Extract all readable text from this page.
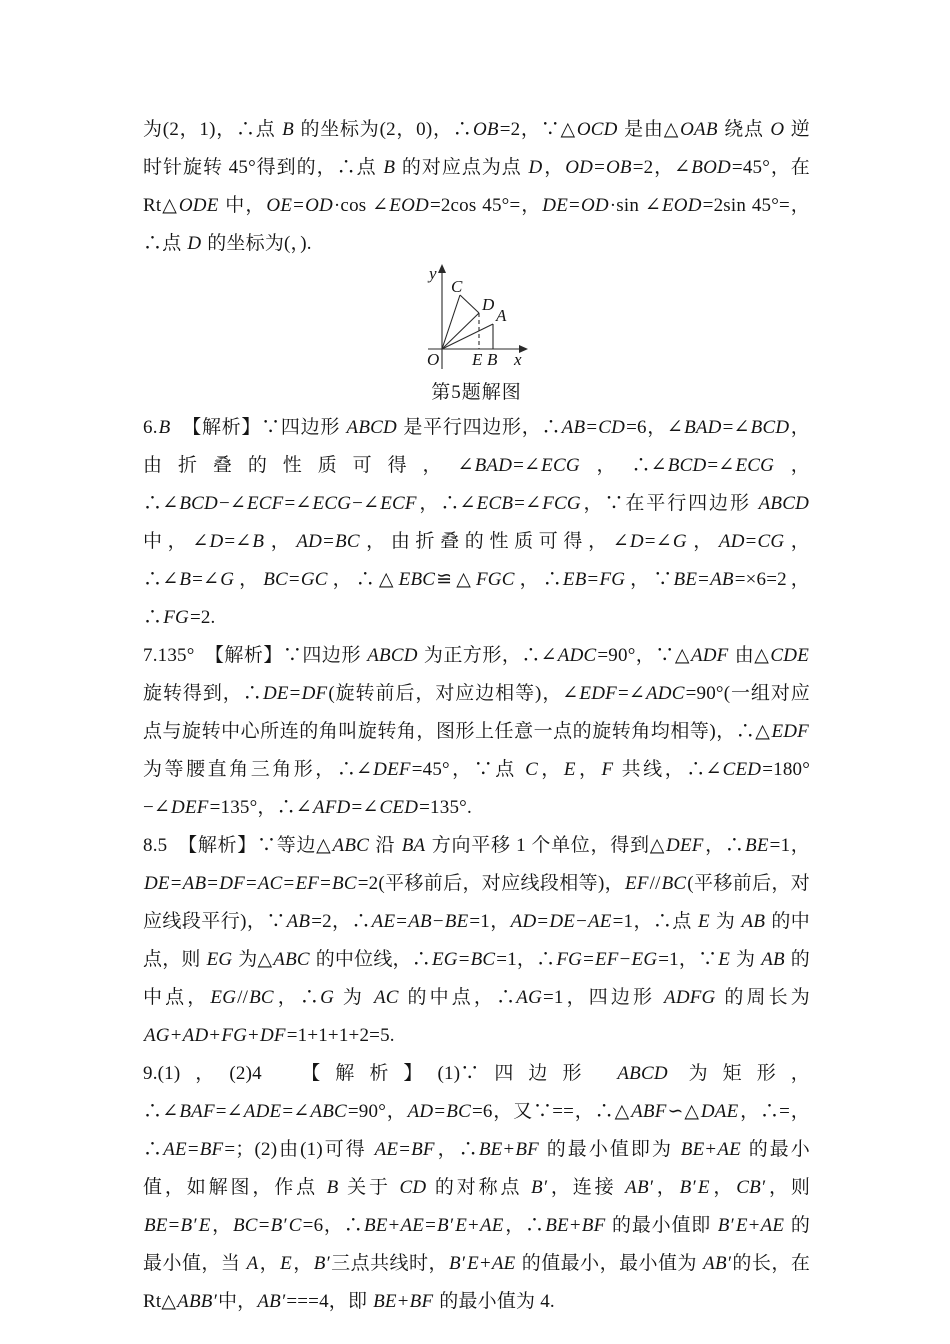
为(2，1)，∴点 B 的坐标为(2，0)，∴OB=2，∵△OCD 是由△OAB 绕点 O 逆时针旋转 45°得到的，∴点 B 的对应点为点 D，OD=OB=2，∠BOD=45°，在 Rt△ODE 中，OE=OD·cos ∠EOD=2cos 45°=，DE=OD·sin ∠EOD=2sin 45°=，∴点 D 的坐标为(，).

y
x
O
C
D
A
E B
第5题解图

6.B　【解析】∵四边形 ABCD 是平行四边形，∴AB=CD=6，∠BAD=∠BCD，由折叠的性质可得，∠BAD=∠ECG，∴∠BCD=∠ECG，∴∠BCD−∠ECF=∠ECG−∠ECF，∴∠ECB=∠FCG，∵在平行四边形 ABCD 中，∠D=∠B，AD=BC，由折叠的性质可得，∠D=∠G，AD=CG，∴∠B=∠G，BC=GC，∴△EBC≌△FGC，∴EB=FG，∵BE=AB=×6=2，∴FG=2.

7.135°　【解析】∵四边形 ABCD 为正方形，∴∠ADC=90°，∵△ADF 由△CDE 旋转得到，∴DE=DF(旋转前后，对应边相等)，∠EDF=∠ADC=90°(一组对应点与旋转中心所连的角叫旋转角，图形上任意一点的旋转角均相等)，∴△EDF 为等腰直角三角形，∴∠DEF=45°，∵点 C，E，F 共线，∴∠CED=180°−∠DEF=135°，∴∠AFD=∠CED=135°.

8.5　【解析】∵等边△ABC 沿 BA 方向平移 1 个单位，得到△DEF，∴BE=1，DE=AB=DF=AC=EF=BC=2(平移前后，对应线段相等)，EF//BC(平移前后，对应线段平行)，∵AB=2，∴AE=AB−BE=1，AD=DE−AE=1，∴点 E 为 AB 的中点，则 EG 为△ABC 的中位线，∴EG=BC=1，∴FG=EF−EG=1，∵E 为 AB 的中点，EG//BC，∴G 为 AC 的中点，∴AG=1，四边形 ADFG 的周长为 AG+AD+FG+DF=1+1+1+2=5.

9.(1)，(2)4　【解析】(1)∵四边形 ABCD 为矩形，∴∠BAF=∠ADE=∠ABC=90°，AD=BC=6，又∵==，∴△ABF∽△DAE，∴=，∴AE=BF=；(2)由(1)可得 AE=BF，∴BE+BF 的最小值即为 BE+AE 的最小值，如解图，作点 B 关于 CD 的对称点 B′，连接 AB′，B′ E，CB′，则 BE=B′ E，BC=B′ C=6，∴BE+AE=B′ E+AE，∴BE+BF 的最小值即 B′ E+AE 的最小值，当 A，E，B′三点共线时，B′ E+AE 的值最小，最小值为 AB′的长，在 Rt△ABB′中，AB′===4，即 BE+BF 的最小值为 4.
